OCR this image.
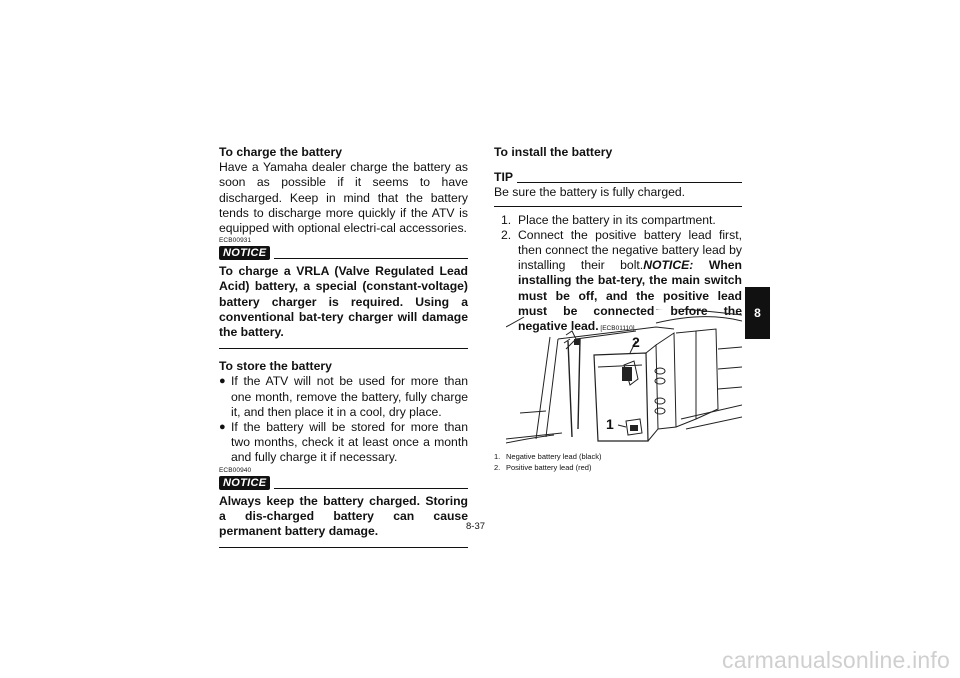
To charge the battery

Have a Yamaha dealer charge the battery as soon as possible if it seems to have discharged. Keep in mind that the battery tends to discharge more quickly if the ATV is equipped with optional electri-cal accessories.

ECB00931
NOTICE
To charge a VRLA (Valve Regulated Lead Acid) battery, a special (constant-voltage) battery charger is required. Using a conventional bat-tery charger will damage the battery.

To store the battery

● If the ATV will not be used for more than one month, remove the battery, fully charge it, and then place it in a cool, dry place.
● If the battery will be stored for more than two months, check it at least once a month and fully charge it if necessary.
ECB00940
NOTICE
Always keep the battery charged. Storing a dis-charged battery can cause permanent battery damage.

To install the battery

TIP
Be sure the battery is fully charged.
1. Place the battery in its compartment.
2. Connect the positive battery lead first, then connect the negative battery lead by installing their bolt.NOTICE: When installing the bat-tery, the main switch must be off, and the positive lead must be connected before the negative lead. [ECB01110]
2
1
1. Negative battery lead (black)
2. Positive battery lead (red)
8-37
8
carmanualsonline.info
